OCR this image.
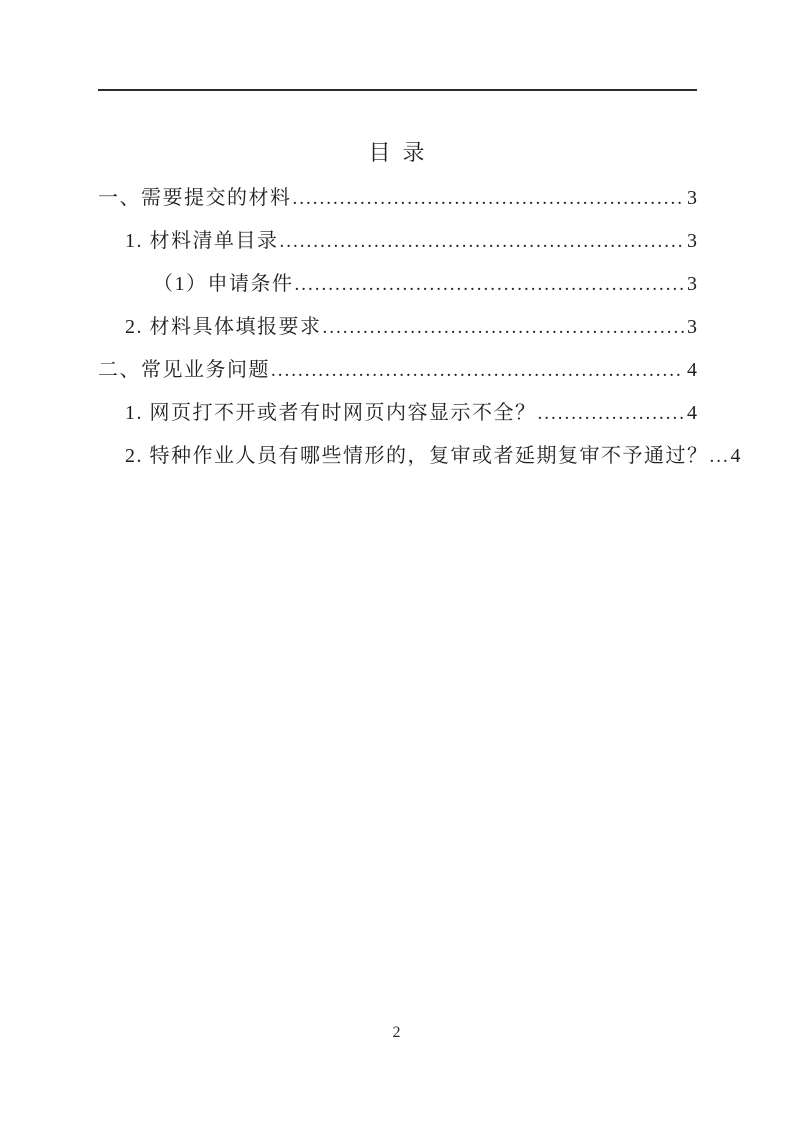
目录
一、需要提交的材料 .....	3
1. 材料清单目录 .....	3
（1）申请条件 .....	3
2. 材料具体填报要求 .....	3
二、常见业务问题 .....	4
1. 网页打不开或者有时网页内容显示不全？ .....	4
2. 特种作业人员有哪些情形的，复审或者延期复审不予通过？ ..... 4
2
